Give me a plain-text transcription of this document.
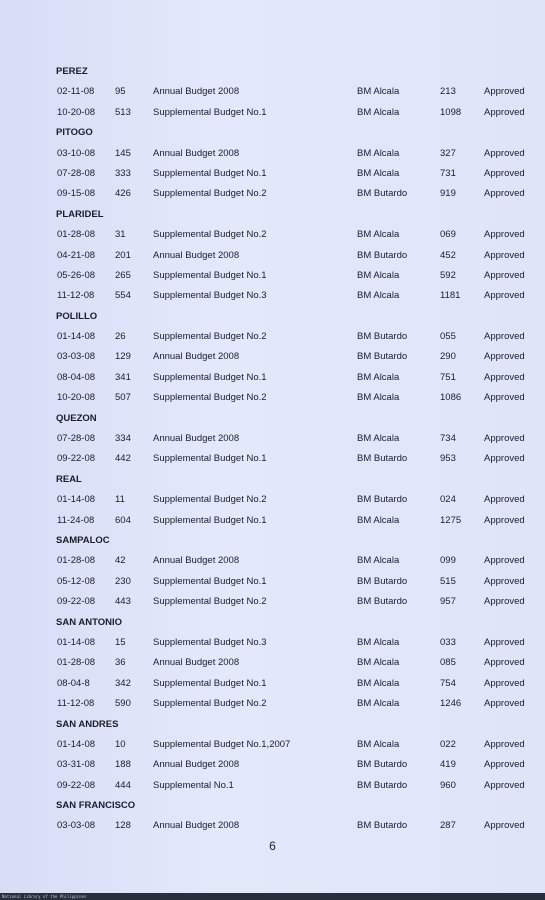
PEREZ
02-11-08 95	Annual Budget 2008	BM Alcala	213	Approved
10-20-08 513 Supplemental Budget No.1	BM Alcala	1098 Approved
PITOGO
03-10-08 145 Annual Budget 2008	BM Alcala	327	Approved
07-28-08 333 Supplemental Budget No.1	BM Alcala	731	Approved
09-15-08 426 Supplemental Budget No.2	BM Butardo	919	Approved
PLARIDEL
01-28-08 31	Supplemental Budget No.2	BM Alcala	069	Approved
04-21-08 201 Annual Budget 2008	BM Butardo	452	Approved
05-26-08 265 Supplemental Budget No.1	BM Alcala	592	Approved
11-12-08 554 Supplemental Budget No.3	BM Alcala	1181 Approved
POLILLO
01-14-08 26	Supplemental Budget No.2	BM Butardo	055	Approved
03-03-08 129 Annual Budget 2008	BM Butardo	290	Approved
08-04-08 341 Supplemental Budget No.1	BM Alcala	751	Approved
10-20-08 507 Supplemental Budget No.2	BM Alcala	1086 Approved
QUEZON
07-28-08 334 Annual Budget 2008	BM Alcala	734	Approved
09-22-08 442 Supplemental Budget No.1	BM Butardo	953	Approved
REAL
01-14-08 11	Supplemental Budget No.2	BM Butardo	024	Approved
11-24-08 604 Supplemental Budget No.1	BM Alcala	1275 Approved
SAMPALOC
01-28-08 42	Annual Budget 2008	BM Alcala	099	Approved
05-12-08 230 Supplemental Budget No.1	BM Butardo	515	Approved
09-22-08 443 Supplemental Budget No.2	BM Butardo	957	Approved
SAN ANTONIO
01-14-08 15	Supplemental Budget No.3	BM Alcala	033	Approved
01-28-08 36	Annual Budget 2008	BM Alcala	085	Approved
08-04-8	342 Supplemental Budget No.1	BM Alcala	754	Approved
11-12-08 590 Supplemental Budget No.2	BM Alcala	1246 Approved
SAN ANDRES
01-14-08 10	Supplemental Budget No.1,2007	BM Alcala	022	Approved
03-31-08 188 Annual Budget 2008	BM Butardo	419	Approved
09-22-08 444 Supplemental No.1	BM Butardo	960	Approved
SAN FRANCISCO
03-03-08 128 Annual Budget 2008	BM Butardo	287	Approved
6
National Library of the Philippines
